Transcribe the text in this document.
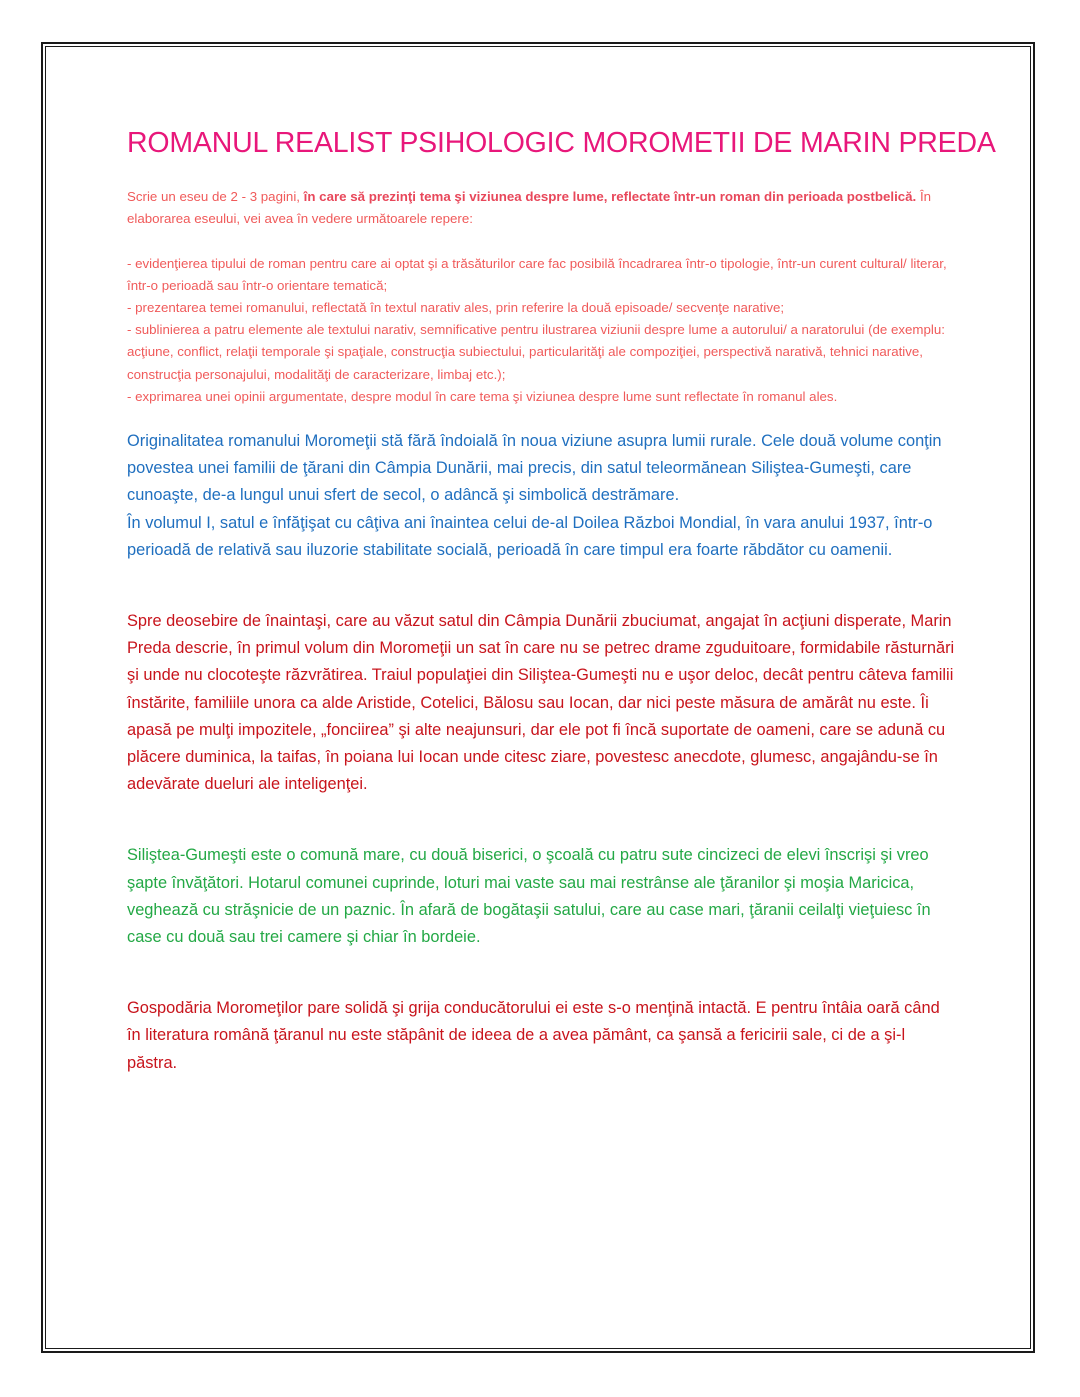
ROMANUL REALIST PSIHOLOGIC MOROMETII DE MARIN PREDA

Scrie un eseu de 2 - 3 pagini, în care să prezinţi tema şi viziunea despre lume, reflectate într-un roman din perioada postbelică. În elaborarea eseului, vei avea în vedere următoarele repere:

- evidenţierea tipului de roman pentru care ai optat şi a trăsăturilor care fac posibilă încadrarea într-o tipologie, într-un curent cultural/ literar, într-o perioadă sau într-o orientare tematică;

- prezentarea temei romanului, reflectată în textul narativ ales, prin referire la două episoade/ secvenţe narative;

- sublinierea a patru elemente ale textului narativ, semnificative pentru ilustrarea viziunii despre lume a autorului/ a naratorului (de exemplu: acţiune, conflict, relaţii temporale şi spaţiale, construcţia subiectului, particularităţi ale compoziţiei, perspectivă narativă, tehnici narative, construcţia personajului, modalităţi de caracterizare, limbaj etc.);

- exprimarea unei opinii argumentate, despre modul în care tema şi viziunea despre lume sunt reflectate în romanul ales.

Originalitatea romanului Moromeţii stă fără îndoială în noua viziune asupra lumii rurale. Cele două volume conţin povestea unei familii de ţărani din Câmpia Dunării, mai precis, din satul teleormănean Siliştea-Gumeşti, care cunoaşte, de-a lungul unui sfert de secol, o adâncă şi simbolică destrămare.
În volumul I, satul e înfăţişat cu câţiva ani înaintea celui de-al Doilea Război Mondial, în vara anului 1937, într-o perioadă de relativă sau iluzorie stabilitate socială, perioadă în care timpul era foarte răbdător cu oamenii.

Spre deosebire de înaintaşi, care au văzut satul din Câmpia Dunării zbuciumat, angajat în acţiuni disperate, Marin Preda descrie, în primul volum din Moromeţii un sat în care nu se petrec drame zguduitoare, formidabile răsturnări şi unde nu clocoteşte răzvrătirea. Traiul populaţiei din Siliştea-Gumeşti nu e uşor deloc, decât pentru câteva familii înstărite, familiile unora ca alde Aristide, Cotelici, Bălosu sau Iocan, dar nici peste măsura de amărât nu este. Îi apasă pe mulţi impozitele, „fonciirea” şi alte neajunsuri, dar ele pot fi încă suportate de oameni, care se adună cu plăcere duminica, la taifas, în poiana lui Iocan unde citesc ziare, povestesc anecdote, glumesc, angajându-se în adevărate dueluri ale inteligenţei.

Siliştea-Gumeşti este o comună mare, cu două biserici, o şcoală cu patru sute cincizeci de elevi înscrişi şi vreo şapte învăţători. Hotarul comunei cuprinde, loturi mai vaste sau mai restrânse ale ţăranilor şi moşia Maricica, veghează cu străşnicie de un paznic. În afară de bogătaşii satului, care au case mari, ţăranii ceilalţi vieţuiesc în case cu două sau trei camere şi chiar în bordeie.

Gospodăria Moromeţilor pare solidă şi grija conducătorului ei este s-o menţină intactă. E pentru întâia oară când în literatura română ţăranul nu este stăpânit de ideea de a avea pământ, ca şansă a fericirii sale, ci de a şi-l păstra.
